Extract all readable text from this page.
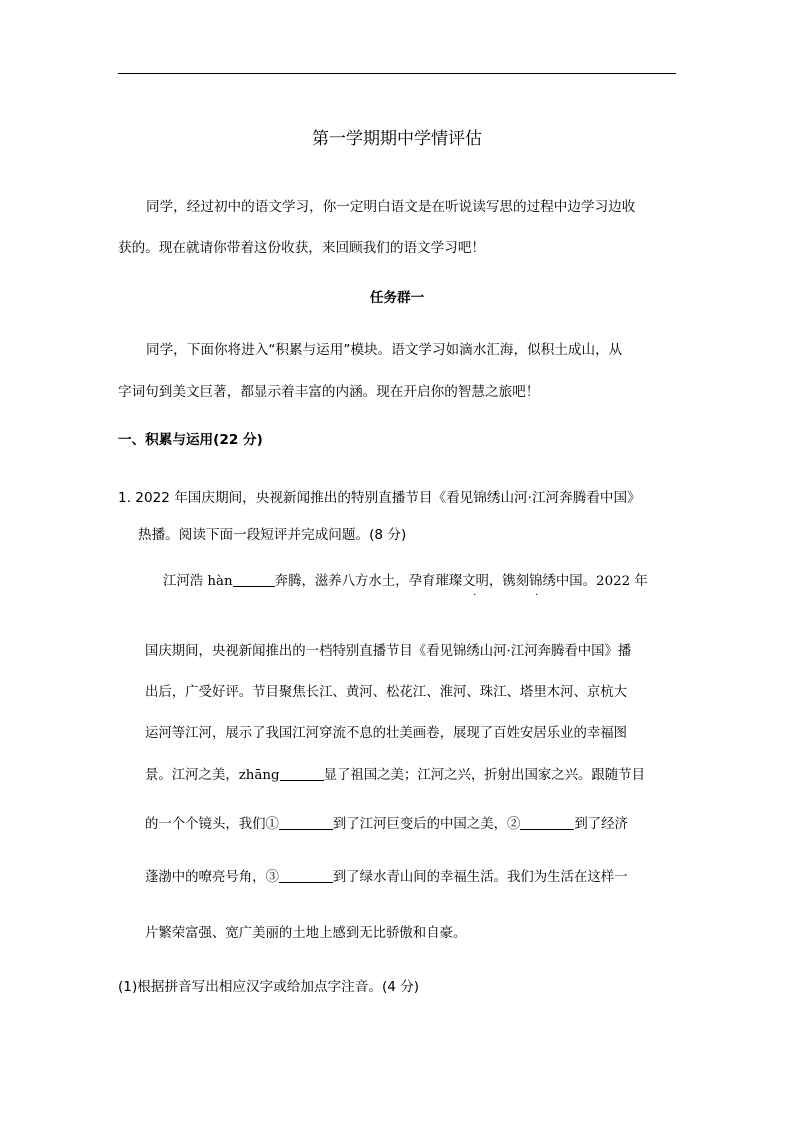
第一学期期中学情评估
同学，经过初中的语文学习，你一定明白语文是在听说读写思的过程中边学习边收
获的。现在就请你带着这份收获，来回顾我们的语文学习吧！
任务群一
同学，下面你将进入“积累与运用”模块。语文学习如滴水汇海，似积土成山，从
字词句到美文巨著，都显示着丰富的内涵。现在开启你的智慧之旅吧！
一、积累与运用(22 分)
1. 2022 年国庆期间，央视新闻推出的特别直播节目《看见锦绣山河·江河奔腾看中国》
热播。阅读下面一段短评并完成问题。(8 分)
江河浩 hàn	奔腾，滋养八方水土，孕育璀璨文明，镌刻锦绣中国。2022 年
·	·
国庆期间，央视新闻推出的一档特别直播节目《看见锦绣山河·江河奔腾看中国》播
出后，广受好评。节目聚焦长江、黄河、松花江、淮河、珠江、塔里木河、京杭大
运河等江河，展示了我国江河穿流不息的壮美画卷，展现了百姓安居乐业的幸福图
景。江河之美，zhāng	显了祖国之美；江河之兴，折射出国家之兴。跟随节目
的一个个镜头，我们①	到了江河巨变后的中国之美，②	到了经济
蓬渤中的嘹亮号角，③	到了绿水青山间的幸福生活。我们为生活在这样一
片繁荣富强、宽广美丽的土地上感到无比骄傲和自豪。
(1)根据拼音写出相应汉字或给加点字注音。(4 分)
